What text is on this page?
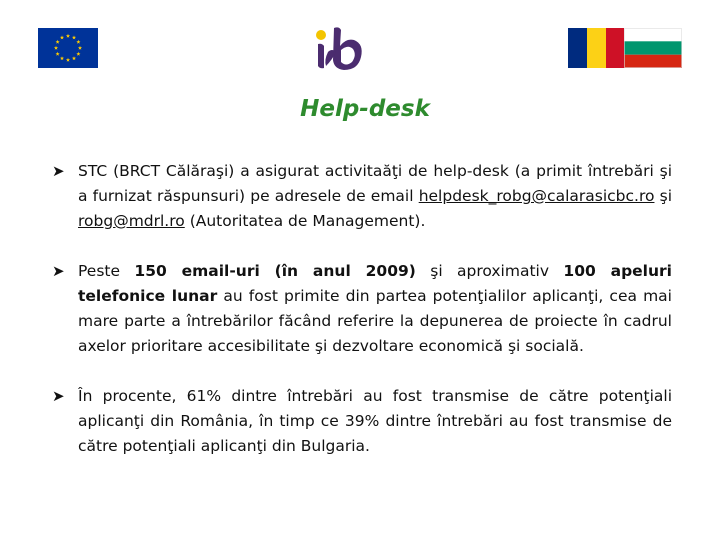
Help-desk
➤ STC (BRCT Călăraşi) a asigurat activitaăţi de help-desk (a primit întrebări şi a furnizat răspunsuri) pe adresele de email helpdesk_robg@calarasicbc.ro şi robg@mdrl.ro (Autoritatea de Management).
➤ Peste 150 email-uri (în anul 2009) şi aproximativ 100 apeluri telefonice lunar au fost primite din partea potenţialilor aplicanţi, cea mai mare parte a întrebărilor făcând referire la depunerea de proiecte în cadrul axelor prioritare accesibilitate şi dezvoltare economică şi socială.
➤ În procente, 61% dintre întrebări au fost transmise de către potenţiali aplicanţi din România, în timp ce 39% dintre întrebări au fost transmise de către potenţiali aplicanţi din Bulgaria.
